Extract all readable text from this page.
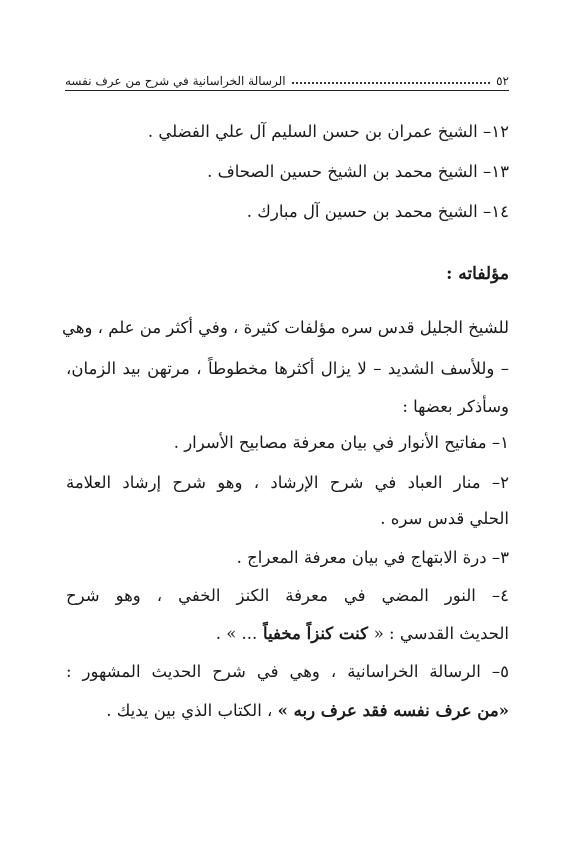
٥٢
الرسالة الخراسانية في شرح من عرف نفسه
١٢– الشيخ عمران بن حسن السليم آل علي الفضلي .
١٣– الشيخ محمد بن الشيخ حسين الصحاف .
١٤– الشيخ محمد بن حسين آل مبارك .
مؤلفاته :
للشيخ الجليل قدس سره مؤلفات كثيرة ، وفي أكثر من علم ، وهي
– وللأسف الشديد – لا يزال أكثرها مخطوطاً ، مرتهن بيد الزمان،
وسأذكر بعضها :
١– مفاتيح الأنوار في بيان معرفة مصابيح الأسرار .
٢– منار العباد في شرح الإرشاد ، وهو شرح إرشاد العلامة
الحلي قدس سره .
٣– درة الابتهاج في بيان معرفة المعراج .
٤– النور المضي في معرفة الكنز الخفي ، وهو شرح
الحديث القدسي : « كنت كنزاً مخفياً ... » .
٥– الرسالة الخراسانية ، وهي في شرح الحديث المشهور :
«من عرف نفسه فقد عرف ربه » ، الكتاب الذي بين يديك .
